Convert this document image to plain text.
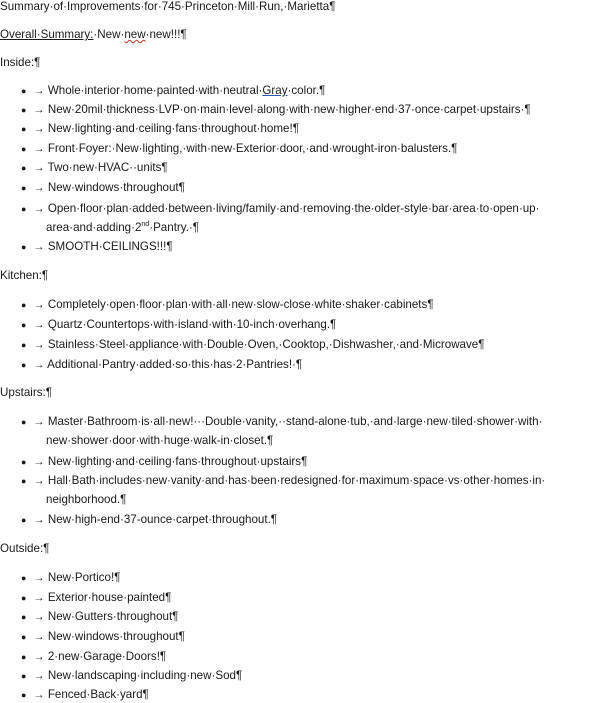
Summary·of·Improvements·for·745·Princeton·Mill·Run,·Marietta¶
Overall·Summary:·New·new·new!!!¶
Inside:¶
● → Whole·interior·home·painted·with·neutral·Gray·color.¶
● → New·20mil·thickness·LVP·on·main·level·along·with·new·higher·end·37·once·carpet·upstairs·¶
● → New·lighting·and·ceiling·fans·throughout·home!¶
● → Front·Foyer:·New·lighting,·with·new·Exterior·door,·and·wrought-iron·balusters.¶
● → Two·new·HVAC··units¶
● → New·windows·throughout¶
● → Open·floor·plan·added·between·living/family·and·removing·the·older-style·bar·area·to·open·up·
area·and·adding·2nd·Pantry.·¶
● → SMOOTH·CEILINGS!!!¶
Kitchen:¶
● → Completely·open·floor·plan·with·all·new·slow-close·white·shaker·cabinets¶
● → Quartz·Countertops·with·island·with·10-inch·overhang.¶
● → Stainless·Steel·appliance·with·Double·Oven,·Cooktop,·Dishwasher,·and·Microwave¶
● → Additional·Pantry·added·so·this·has·2·Pantries!·¶
Upstairs:¶
● → Master·Bathroom·is·all·new!···Double·vanity,··stand-alone·tub,·and·large·new·tiled·shower·with·
new·shower·door·with·huge·walk-in·closet.¶
● → New·lighting·and·ceiling·fans·throughout·upstairs¶
● → Hall·Bath·includes·new·vanity·and·has·been·redesigned·for·maximum·space·vs·other·homes·in·
neighborhood.¶
● → New·high-end·37-ounce·carpet·throughout.¶
Outside:¶
● → New·Portico!¶
● → Exterior·house·painted¶
● → New·Gutters·throughout¶
● → New·windows·throughout¶
● → 2·new·Garage·Doors!¶
● → New·landscaping·including·new·Sod¶
● → Fenced·Back·yard¶
